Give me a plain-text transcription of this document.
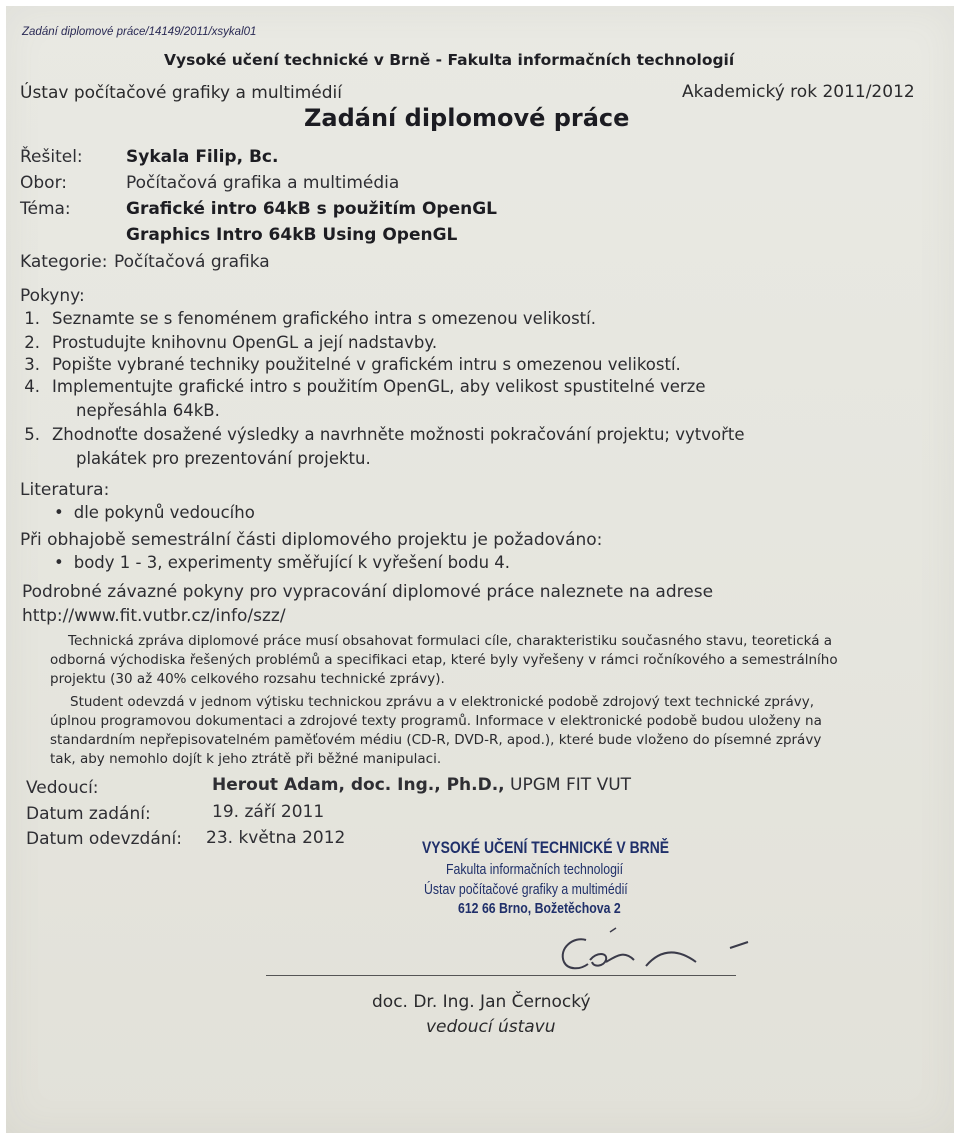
Zadání diplomové práce/14149/2011/xsykal01
Vysoké učení technické v Brně - Fakulta informačních technologií
Ústav počítačové grafiky a multimédií	Akademický rok 2011/2012
Zadání diplomové práce
Řešitel:	Sykala Filip, Bc.
Obor:	Počítačová grafika a multimédia
Téma:	Grafické intro 64kB s použitím OpenGL
Graphics Intro 64kB Using OpenGL
Kategorie: Počítačová grafika
Pokyny:
1. Seznamte se s fenoménem grafického intra s omezenou velikostí.
2. Prostudujte knihovnu OpenGL a její nadstavby.
3. Popište vybrané techniky použitelné v grafickém intru s omezenou velikostí.
4. Implementujte grafické intro s použitím OpenGL, aby velikost spustitelné verze
nepřesáhla 64kB.
5. Zhodnoťte dosažené výsledky a navrhněte možnosti pokračování projektu; vytvořte
plakátek pro prezentování projektu.
Literatura:
• dle pokynů vedoucího
Při obhajobě semestrální části diplomového projektu je požadováno:
• body 1 - 3, experimenty směřující k vyřešení bodu 4.
Podrobné závazné pokyny pro vypracování diplomové práce naleznete na adrese
http://www.fit.vutbr.cz/info/szz/
Technická zpráva diplomové práce musí obsahovat formulaci cíle, charakteristiku současného stavu, teoretická a
odborná východiska řešených problémů a specifikaci etap, které byly vyřešeny v rámci ročníkového a semestrálního
projektu (30 až 40% celkového rozsahu technické zprávy).
Student odevzdá v jednom výtisku technickou zprávu a v elektronické podobě zdrojový text technické zprávy,
úplnou programovou dokumentaci a zdrojové texty programů. Informace v elektronické podobě budou uloženy na
standardním nepřepisovatelném paměťovém médiu (CD-R, DVD-R, apod.), které bude vloženo do písemné zprávy
tak, aby nemohlo dojít k jeho ztrátě při běžné manipulaci.
Vedoucí:	Herout Adam, doc. Ing., Ph.D., UPGM FIT VUT
Datum zadání:	19. září 2011
Datum odevzdání: 23. května 2012	VYSOKÉ UČENÍ TECHNICKÉ V BRNĚ
Fakulta informačních technologií
Ústav počítačové grafiky a multimédií
612 66 Brno, Božetěchova 2
doc. Dr. Ing. Jan Černocký
vedoucí ústavu
